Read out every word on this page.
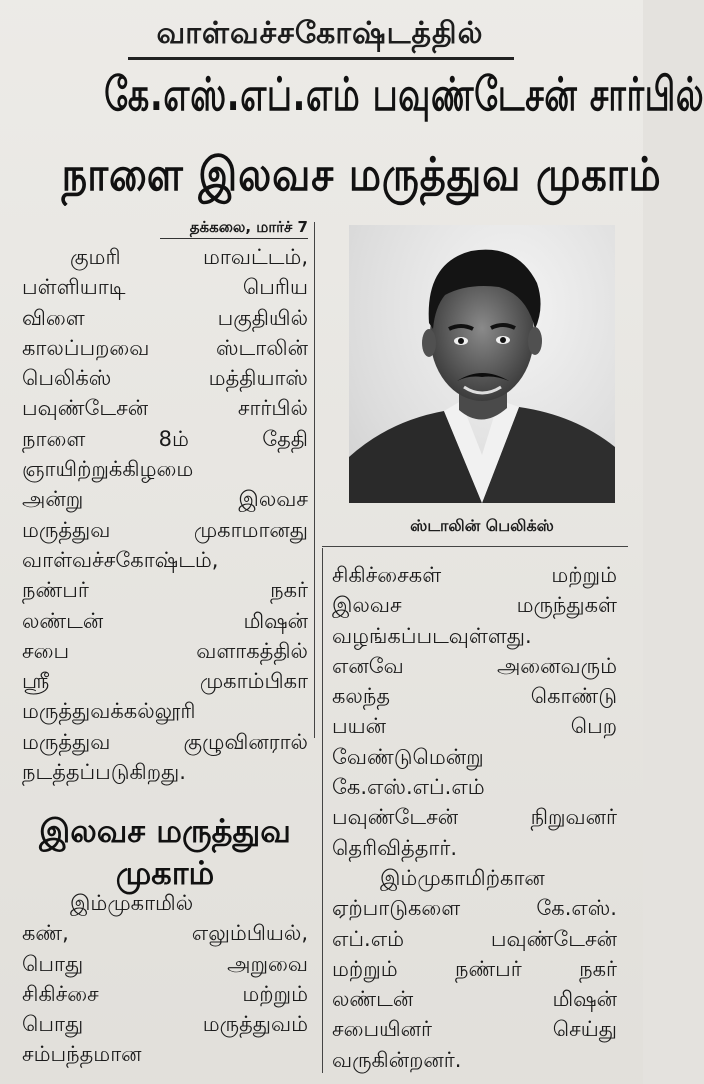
வாள்வச்சகோஷ்டத்தில்
கே.எஸ்.எப்.எம் பவுண்டேசன் சார்பில்
நாளை இலவச மருத்துவ முகாம்
தக்கலை, மார்ச் 7

குமரி மாவட்டம்,
பள்ளியாடி பெரிய
விளை பகுதியில்
காலப்பறவை ஸ்டாலின்
பெலிக்ஸ் மத்தியாஸ்
பவுண்டேசன் சார்பில்
நாளை 8ம் தேதி
ஞாயிற்றுக்கிழமை
அன்று இலவச
மருத்துவ முகாமானது
வாள்வச்சகோஷ்டம்,
நண்பர் நகர்
லண்டன் மிஷன்
சபை வளாகத்தில்
ஸ்ரீ முகாம்பிகா
மருத்துவக்கல்லூரி
மருத்துவ குழுவினரால்
நடத்தப்படுகிறது.

இலவச மருத்துவ
முகாம்

இம்முகாமில்
கண், எலும்பியல்,
பொது அறுவை
சிகிச்சை மற்றும்
பொது மருத்துவம்
சம்பந்தமான

ஸ்டாலின் பெலிக்ஸ்

சிகிச்சைகள் மற்றும்
இலவச மருந்துகள்
வழங்கப்படவுள்ளது.
எனவே அனைவரும்
கலந்த கொண்டு
பயன் பெற
வேண்டுமென்று
கே.எஸ்.எப்.எம்
பவுண்டேசன் நிறுவனர்
தெரிவித்தார்.

இம்முகாமிற்கான
ஏற்பாடுகளை கே.எஸ்.
எப்.எம் பவுண்டேசன்
மற்றும் நண்பர் நகர்
லண்டன் மிஷன்
சபையினர் செய்து
வருகின்றனர்.
